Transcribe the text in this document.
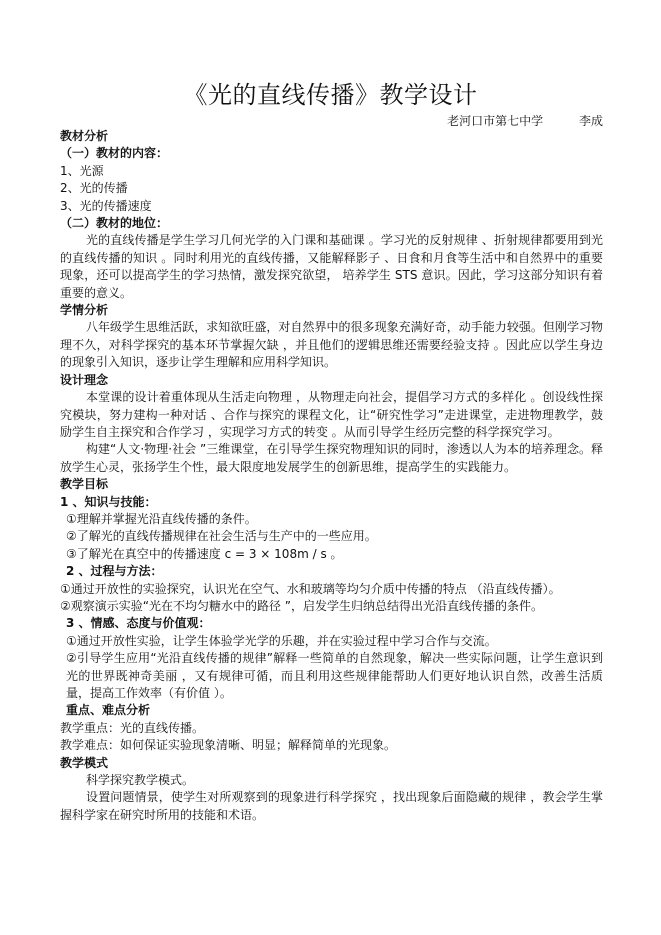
《光的直线传播》教学设计
老河口市第七中学	李成
教材分析
（一）教材的内容：
1、光源
2、光的传播
3、光的传播速度
（二）教材的地位：

光的直线传播是学生学习几何光学的入门课和基础课 。学习光的反射规律 、折射规律都要用到光的直线传播的知识 。同时利用光的直线传播，又能解释影子 、日食和月食等生活中和自然界中的重要现象，还可以提高学生的学习热情，激发探究欲望， 培养学生 STS 意识。因此，学习这部分知识有着重要的意义。

学情分析

八年级学生思维活跃，求知欲旺盛，对自然界中的很多现象充满好奇，动手能力较强。但刚学习物理不久，对科学探究的基本环节掌握欠缺 ，并且他们的逻辑思维还需要经验支持 。因此应以学生身边的现象引入知识，逐步让学生理解和应用科学知识。

设计理念

本堂课的设计着重体现从生活走向物理 ，从物理走向社会，提倡学习方式的多样化 。创设线性探究模块，努力建构一种对话 、合作与探究的课程文化，让“研究性学习”走进课堂，走进物理教学，鼓励学生自主探究和合作学习 ，实现学习方式的转变 。从而引导学生经历完整的科学探究学习。

构建“人文·物理·社会 ”三维课堂，在引导学生探究物理知识的同时，渗透以人为本的培养理念。释放学生心灵，张扬学生个性，最大限度地发展学生的创新思维，提高学生的实践能力。

教学目标
1 、知识与技能：
①理解并掌握光沿直线传播的条件。
②了解光的直线传播规律在社会生活与生产中的一些应用。
③了解光在真空中的传播速度 c = 3 × 108m / s 。
2 、过程与方法：
①通过开放性的实验探究，认识光在空气、水和玻璃等均匀介质中传播的特点 （沿直线传播）。
②观察演示实验“光在不均匀糖水中的路径 ”，启发学生归纳总结得出光沿直线传播的条件。
3 、情感、态度与价值观：
①通过开放性实验，让学生体验学光学的乐趣，并在实验过程中学习合作与交流。
②引导学生应用“光沿直线传播的规律”解释一些简单的自然现象，解决一些实际问题，让学生意识到光的世界既神奇美丽 ，又有规律可循，而且利用这些规律能帮助人们更好地认识自然，改善生活质量，提高工作效率（有价值 ）。
重点、难点分析
教学重点：光的直线传播。
教学难点：如何保证实验现象清晰、明显；解释简单的光现象。
教学模式

科学探究教学模式。

设置问题情景，使学生对所观察到的现象进行科学探究 ，找出现象后面隐藏的规律 ，教会学生掌握科学家在研究时所用的技能和术语。
